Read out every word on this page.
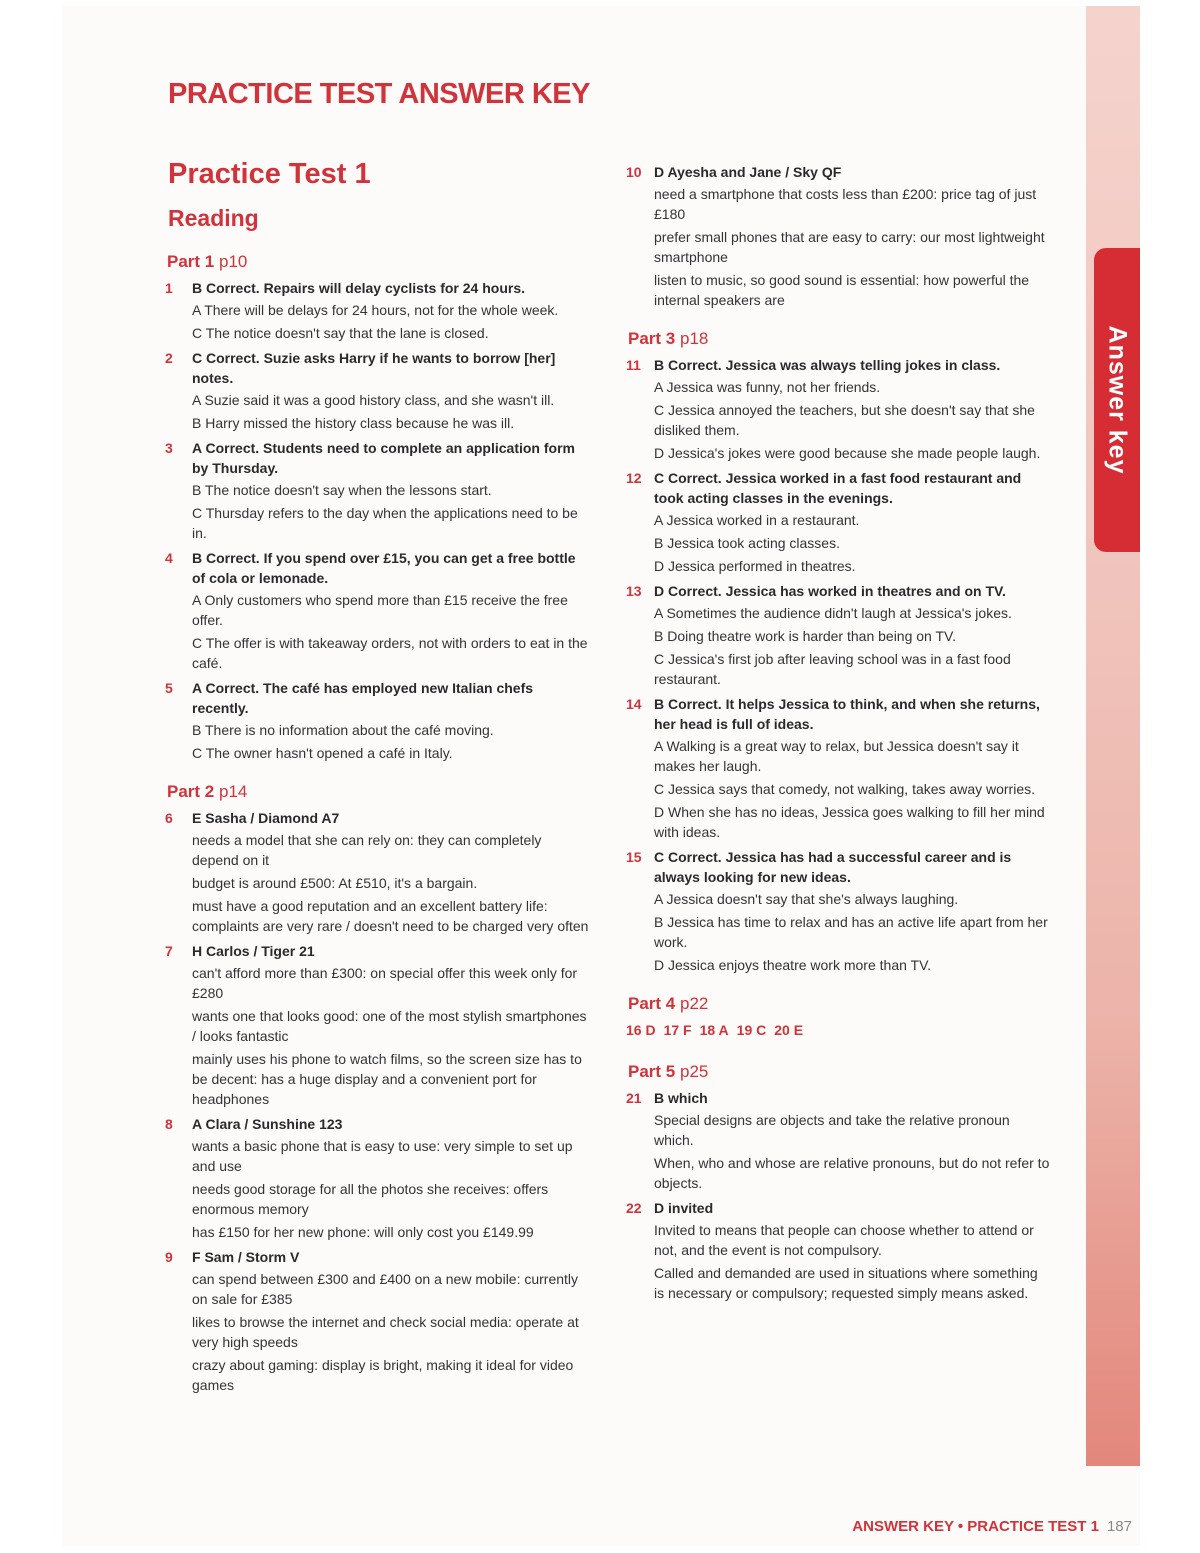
Answer key
PRACTICE TEST ANSWER KEY
Practice Test 1
Reading
Part 1 p10
1	B Correct. Repairs will delay cyclists for 24 hours.
A There will be delays for 24 hours, not for the whole week.
C The notice doesn't say that the lane is closed.
2	C Correct. Suzie asks Harry if he wants to borrow [her] notes.
A Suzie said it was a good history class, and she wasn't ill.
B Harry missed the history class because he was ill.
3	A Correct. Students need to complete an application form by Thursday.
B The notice doesn't say when the lessons start.
C Thursday refers to the day when the applications need to be in.
4	B Correct. If you spend over £15, you can get a free bottle of cola or lemonade.
A Only customers who spend more than £15 receive the free offer.
C The offer is with takeaway orders, not with orders to eat in the café.
5	A Correct. The café has employed new Italian chefs recently.
B There is no information about the café moving.
C The owner hasn't opened a café in Italy.
Part 2 p14
6	E Sasha / Diamond A7
needs a model that she can rely on: they can completely depend on it
budget is around £500: At £510, it's a bargain.
must have a good reputation and an excellent battery life: complaints are very rare / doesn't need to be charged very often
7	H Carlos / Tiger 21
can't afford more than £300: on special offer this week only for £280
wants one that looks good: one of the most stylish smartphones / looks fantastic
mainly uses his phone to watch films, so the screen size has to be decent: has a huge display and a convenient port for headphones
8	A Clara / Sunshine 123
wants a basic phone that is easy to use: very simple to set up and use
needs good storage for all the photos she receives: offers enormous memory
has £150 for her new phone: will only cost you £149.99
9	F Sam / Storm V
can spend between £300 and £400 on a new mobile: currently on sale for £385
likes to browse the internet and check social media: operate at very high speeds
crazy about gaming: display is bright, making it ideal for video games
10 D Ayesha and Jane / Sky QF
need a smartphone that costs less than £200: price tag of just £180
prefer small phones that are easy to carry: our most lightweight smartphone
listen to music, so good sound is essential: how powerful the internal speakers are
Part 3 p18
11 B Correct. Jessica was always telling jokes in class.
A Jessica was funny, not her friends.
C Jessica annoyed the teachers, but she doesn't say that she disliked them.
D Jessica's jokes were good because she made people laugh.
12 C Correct. Jessica worked in a fast food restaurant and took acting classes in the evenings.
A Jessica worked in a restaurant.
B Jessica took acting classes.
D Jessica performed in theatres.
13 D Correct. Jessica has worked in theatres and on TV.
A Sometimes the audience didn't laugh at Jessica's jokes.
B Doing theatre work is harder than being on TV.
C Jessica's first job after leaving school was in a fast food restaurant.
14 B Correct. It helps Jessica to think, and when she returns, her head is full of ideas.
A Walking is a great way to relax, but Jessica doesn't say it makes her laugh.
C Jessica says that comedy, not walking, takes away worries.
D When she has no ideas, Jessica goes walking to fill her mind with ideas.
15 C Correct. Jessica has had a successful career and is always looking for new ideas.
A Jessica doesn't say that she's always laughing.
B Jessica has time to relax and has an active life apart from her work.
D Jessica enjoys theatre work more than TV.
Part 4 p22
16 D 17 F 18 A 19 C 20 E
Part 5 p25
21 B which
Special designs are objects and take the relative pronoun which.
When, who and whose are relative pronouns, but do not refer to objects.
22 D invited
Invited to means that people can choose whether to attend or not, and the event is not compulsory.
Called and demanded are used in situations where something is necessary or compulsory; requested simply means asked.
ANSWER KEY • PRACTICE TEST 1 187
